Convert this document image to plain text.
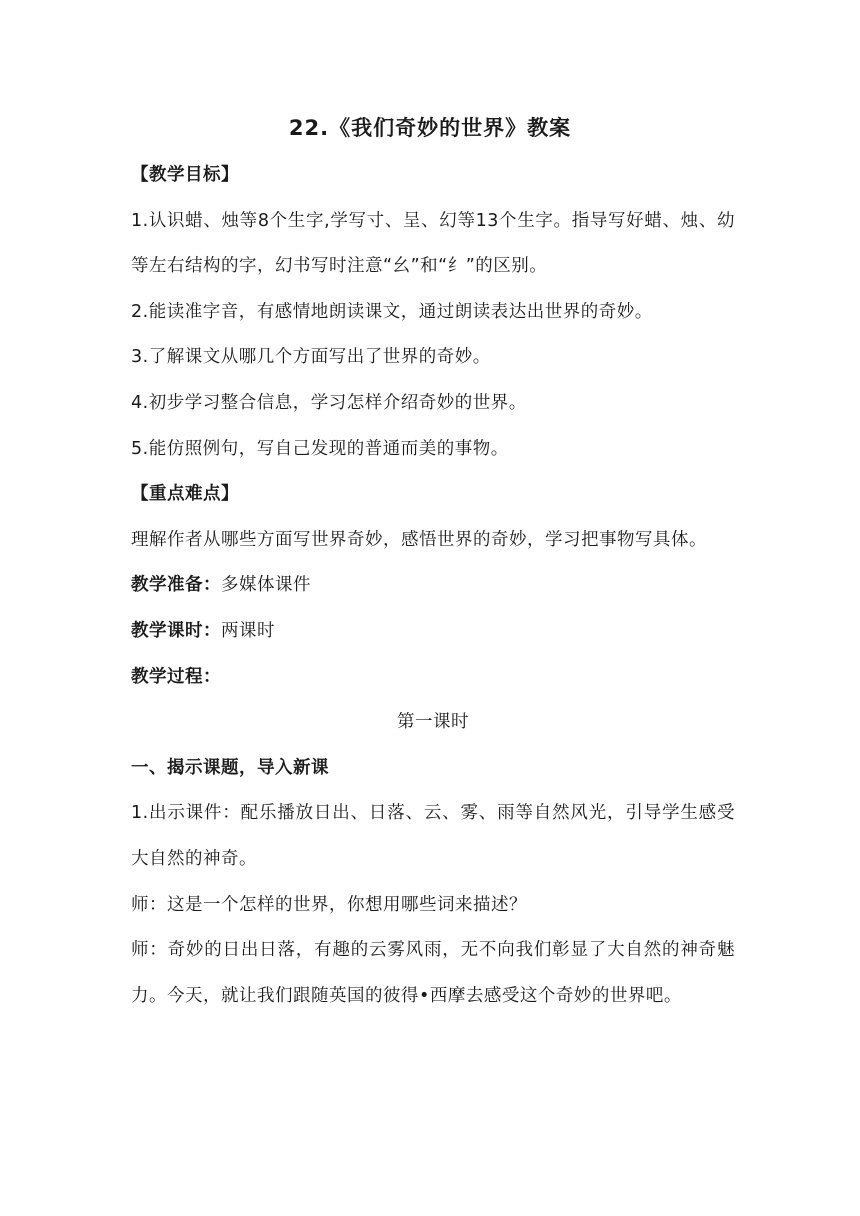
22.《我们奇妙的世界》教案
【教学目标】
1.认识蜡、烛等8个生字,学写寸、呈、幻等13个生字。指导写好蜡、烛、幼等左右结构的字，幻书写时注意“幺”和“纟”的区别。
2.能读准字音，有感情地朗读课文，通过朗读表达出世界的奇妙。
3.了解课文从哪几个方面写出了世界的奇妙。
4.初步学习整合信息，学习怎样介绍奇妙的世界。
5.能仿照例句，写自己发现的普通而美的事物。
【重点难点】
理解作者从哪些方面写世界奇妙，感悟世界的奇妙，学习把事物写具体。
教学准备：多媒体课件
教学课时：两课时
教学过程：
第一课时
一、揭示课题，导入新课
1.出示课件：配乐播放日出、日落、云、雾、雨等自然风光，引导学生感受大自然的神奇。
师：这是一个怎样的世界，你想用哪些词来描述？
师：奇妙的日出日落，有趣的云雾风雨，无不向我们彰显了大自然的神奇魅力。今天，就让我们跟随英国的彼得•西摩去感受这个奇妙的世界吧。
